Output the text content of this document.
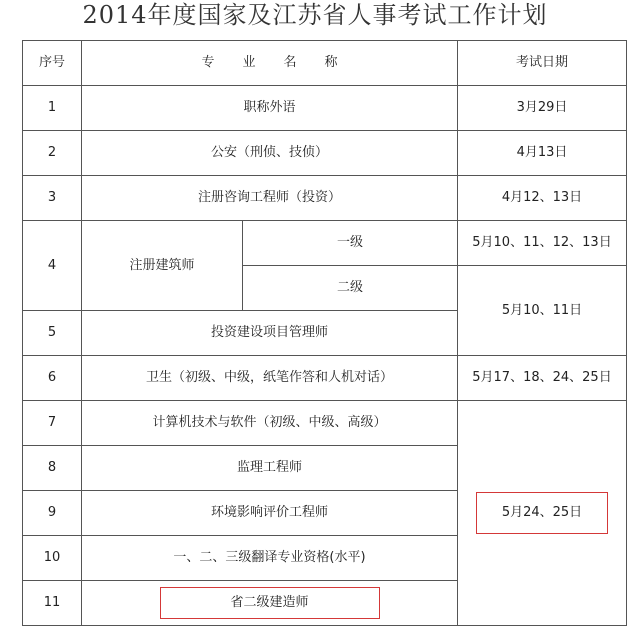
2014年度国家及江苏省人事考试工作计划
序号	专 业 名 称		考试日期
1	职称外语		3月29日
2	公安（刑侦、技侦）		4月13日
3	注册咨询工程师（投资）		4月12、13日
4	注册建筑师	一级	5月10、11、12、13日
		二级	5月10、11日
5	投资建设项目管理师		
6	卫生（初级、中级，纸笔作答和人机对话）		5月17、18、24、25日
7	计算机技术与软件（初级、中级、高级）		5月24、25日
8	监理工程师		
9	环境影响评价工程师		
10	一、二、三级翻译专业资格(水平)		
11	省二级建造师		
